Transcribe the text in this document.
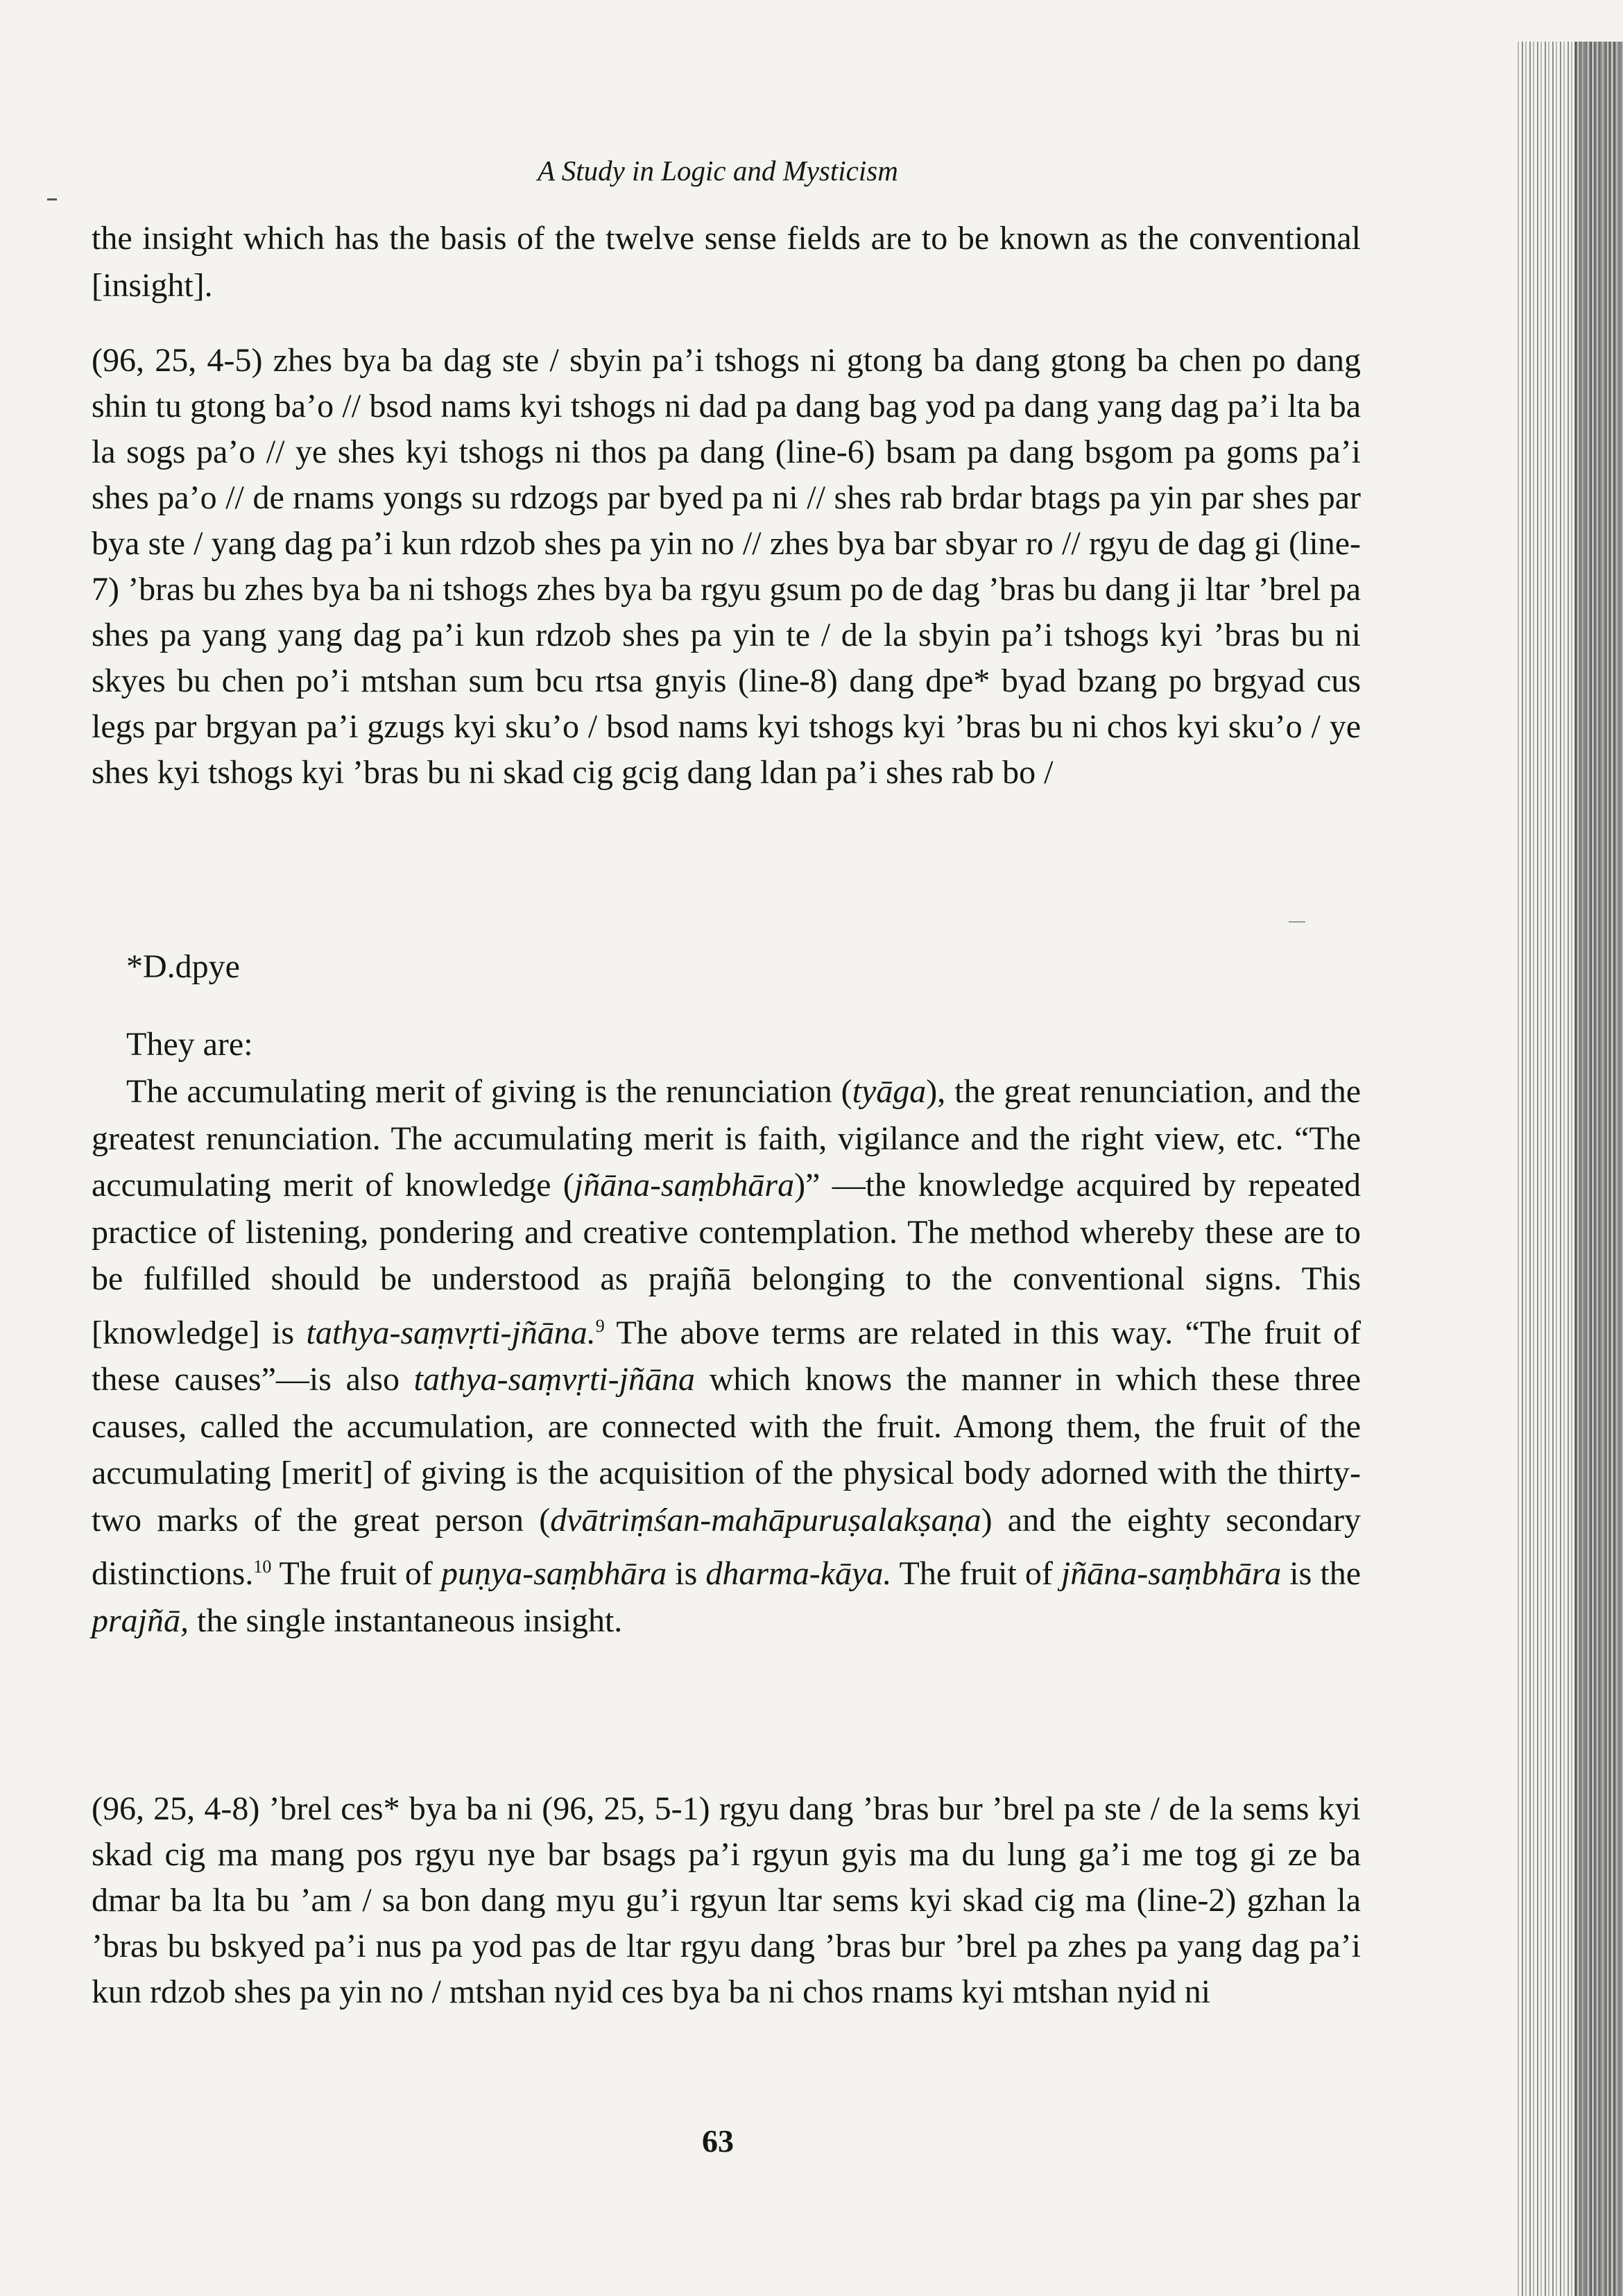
A Study in Logic and Mysticism
the insight which has the basis of the twelve sense fields are to be known as the conventional [insight].
(96, 25, 4-5) zhes bya ba dag ste / sbyin pa’i tshogs ni gtong ba dang gtong ba chen po dang shin tu gtong ba’o // bsod nams kyi tshogs ni dad pa dang bag yod pa dang yang dag pa’i lta ba la sogs pa’o // ye shes kyi tshogs ni thos pa dang (line-6) bsam pa dang bsgom pa goms pa’i shes pa’o // de rnams yongs su rdzogs par byed pa ni // shes rab brdar btags pa yin par shes par bya ste / yang dag pa’i kun rdzob shes pa yin no // zhes bya bar sbyar ro // rgyu de dag gi (line-7) ’bras bu zhes bya ba ni tshogs zhes bya ba rgyu gsum po de dag ’bras bu dang ji ltar ’brel pa shes pa yang yang dag pa’i kun rdzob shes pa yin te / de la sbyin pa’i tshogs kyi ’bras bu ni skyes bu chen po’i mtshan sum bcu rtsa gnyis (line-8) dang dpe* byad bzang po brgyad cus legs par brgyan pa’i gzugs kyi sku’o / bsod nams kyi tshogs kyi ’bras bu ni chos kyi sku’o / ye shes kyi tshogs kyi ’bras bu ni skad cig gcig dang ldan pa’i shes rab bo /
*D.dpye
They are:
The accumulating merit of giving is the renunciation (tyāga), the great renunciation, and the greatest renunciation. The accumulating merit is faith, vigilance and the right view, etc. “The accumulating merit of knowledge (jñāna-saṃbhāra)” —the knowledge acquired by repeated practice of listening, pondering and creative contemplation. The method whereby these are to be fulfilled should be understood as prajñā belonging to the conventional signs. This [knowledge] is tathya-saṃvṛti-jñāna.$^9$ The above terms are related in this way. “The fruit of these causes”—is also tathya-saṃvṛti-jñāna which knows the manner in which these three causes, called the accumulation, are connected with the fruit. Among them, the fruit of the accumulating [merit] of giving is the acquisition of the physical body adorned with the thirty-two marks of the great person (dvātriṃśan-mahāpuruṣalakṣaṇa) and the eighty secondary distinctions.$^{10}$ The fruit of puṇya-saṃbhāra is dharma-kāya. The fruit of jñāna-saṃbhāra is the prajñā, the single instantaneous insight.
(96, 25, 4-8) ’brel ces* bya ba ni (96, 25, 5-1) rgyu dang ’bras bur ’brel pa ste / de la sems kyi skad cig ma mang pos rgyu nye bar bsags pa’i rgyun gyis ma du lung ga’i me tog gi ze ba dmar ba lta bu ’am / sa bon dang myu gu’i rgyun ltar sems kyi skad cig ma (line-2) gzhan la ’bras bu bskyed pa’i nus pa yod pas de ltar rgyu dang ’bras bur ’brel pa zhes pa yang dag pa’i kun rdzob shes pa yin no / mtshan nyid ces bya ba ni chos rnams kyi mtshan nyid ni
63
